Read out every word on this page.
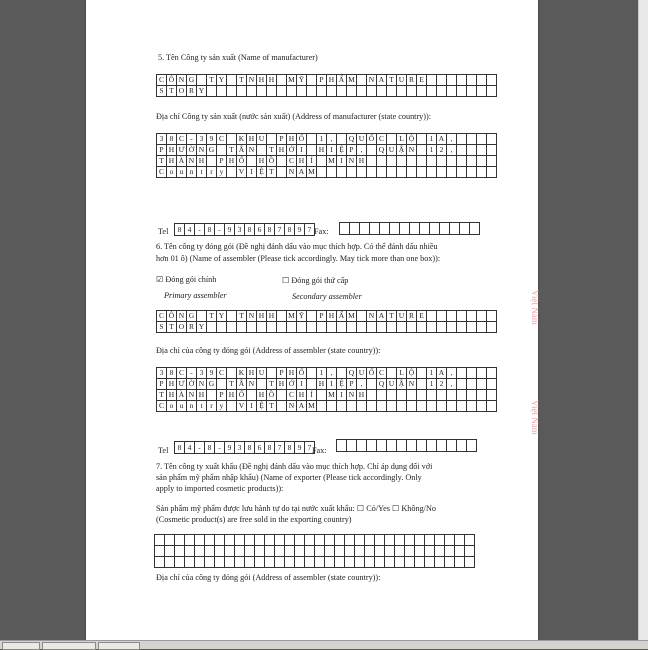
5. Tên Công ty sản xuất (Name of manufacturer)
C	Ô	N	G		T	Y		T	N	H	H		M	Ỹ		P	H	Ẩ	M		N	A	T	U	R	E							
S	T	O	R	Y																													
Địa chỉ Công ty sản xuất (nước sản xuất) (Address of manufacturer (state country)):
3	8	C	-	3	9	C		K	H	U		P	H	Ố		1	,		Q	U	Ố	C		L	Ộ		1	A	,				
P	H	Ư	Ờ	N	G		T	Â	N		T	H	Ớ	I		H	I	Ệ	P	,		Q	U	Ậ	N		1	2	,				
T	H	À	N	H		P	H	Ố		H	Ồ		C	H	Í		M	I	N	H													
C	o	u	n	t	r	y		V	I	Ệ	T		N	A	M																		
Tel 8	4	-	8	-	9	3	8	6	8	7	8	9	7 Fax:

6. Tên công ty đóng gói (Đề nghị đánh dấu vào mục thích hợp. Có thể đánh dấu nhiều
hơn 01 ô) (Name of assembler (Please tick accordingly. May tick more than one box)):
☑ Đóng gói chính	☐ Đóng gói thứ cấp
Primary assembler	Secondary assembler
C	Ô	N	G		T	Y		T	N	H	H		M	Ỹ		P	H	Ẩ	M		N	A	T	U	R	E							
S	T	O	R	Y																													
Địa chỉ của công ty đóng gói (Address of assembler (state country)):
3	8	C	-	3	9	C		K	H	U		P	H	Ố		1	,		Q	U	Ố	C		L	Ộ		1	A	,				
P	H	Ư	Ờ	N	G		T	Â	N		T	H	Ớ	I		H	I	Ệ	P	,		Q	U	Ậ	N		1	2	,				
T	H	À	N	H		P	H	Ố		H	Ồ		C	H	Í		M	I	N	H													
C	o	u	n	t	r	y		V	I	Ệ	T		N	A	M																		
Tel 8	4	-	8	-	9	3	8	6	8	7	8	9	7 Fax:

7. Tên công ty xuất khẩu (Đề nghị đánh dấu vào mục thích hợp. Chỉ áp dụng đối với
sản phẩm mỹ phẩm nhập khẩu) (Name of exporter (Please tick accordingly. Only
apply to imported cosmetic products)):
Sản phẩm mỹ phẩm được lưu hành tự do tại nước xuất khẩu: ☐ Có/Yes ☐ Không/No
(Cosmetic product(s) are free sold in the exporting country)

Địa chỉ của công ty đóng gói (Address of assembler (state country)):
Việt Nam
Việt Nam
